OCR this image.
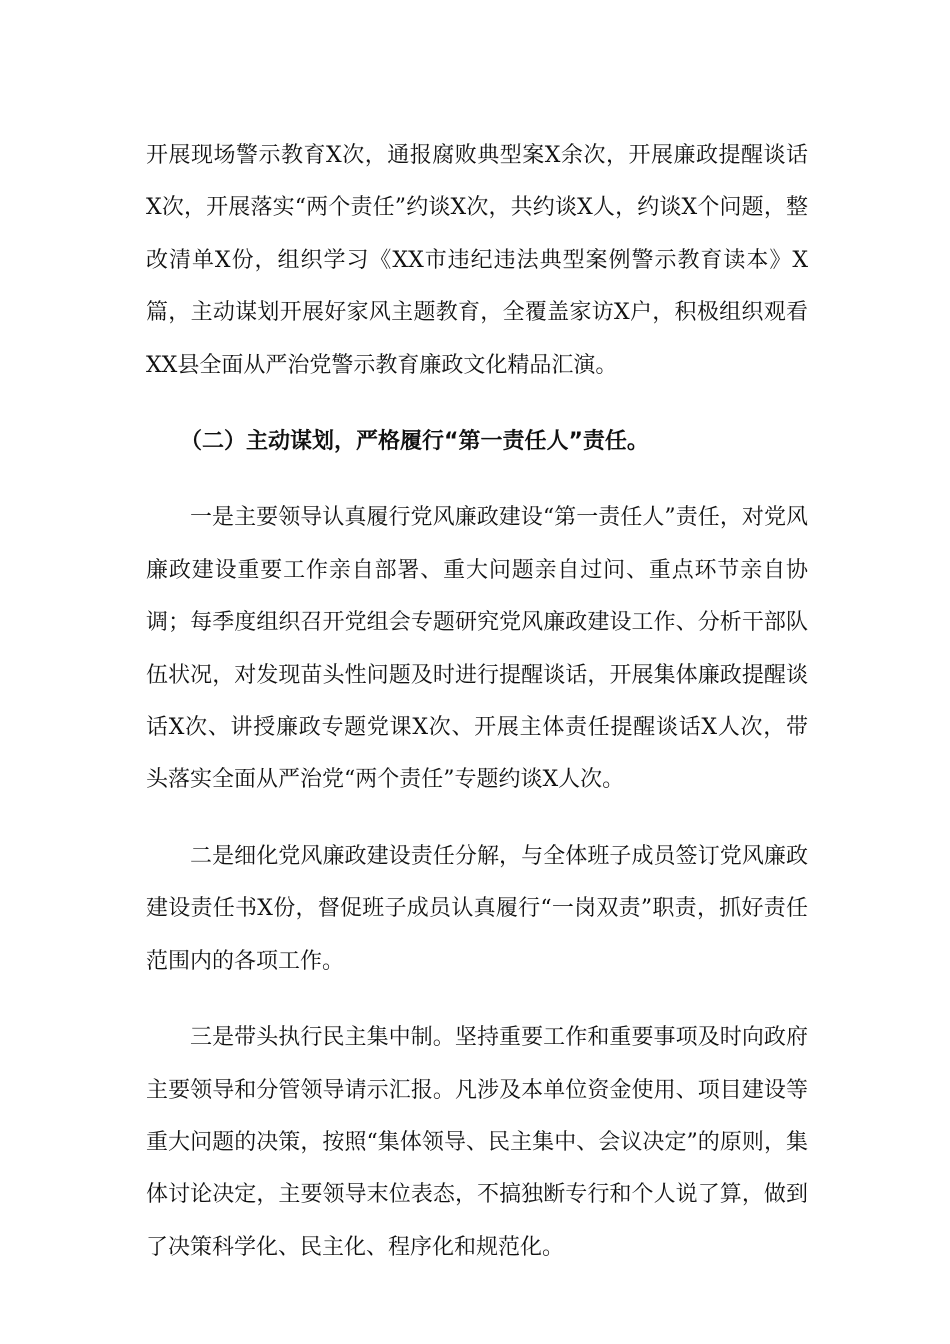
开展现场警示教育X次，通报腐败典型案X余次，开展廉政提醒谈话X次，开展落实“两个责任”约谈X次，共约谈X人，约谈X个问题，整改清单X份，组织学习《XX市违纪违法典型案例警示教育读本》X篇，主动谋划开展好家风主题教育，全覆盖家访X户，积极组织观看XX县全面从严治党警示教育廉政文化精品汇演。

（二）主动谋划，严格履行“第一责任人”责任。

一是主要领导认真履行党风廉政建设“第一责任人”责任，对党风廉政建设重要工作亲自部署、重大问题亲自过问、重点环节亲自协调；每季度组织召开党组会专题研究党风廉政建设工作、分析干部队伍状况，对发现苗头性问题及时进行提醒谈话，开展集体廉政提醒谈话X次、讲授廉政专题党课X次、开展主体责任提醒谈话X人次，带头落实全面从严治党“两个责任”专题约谈X人次。

二是细化党风廉政建设责任分解，与全体班子成员签订党风廉政建设责任书X份，督促班子成员认真履行“一岗双责”职责，抓好责任范围内的各项工作。

三是带头执行民主集中制。坚持重要工作和重要事项及时向政府主要领导和分管领导请示汇报。凡涉及本单位资金使用、项目建设等重大问题的决策，按照“集体领导、民主集中、会议决定”的原则，集体讨论决定，主要领导末位表态，不搞独断专行和个人说了算，做到了决策科学化、民主化、程序化和规范化。
